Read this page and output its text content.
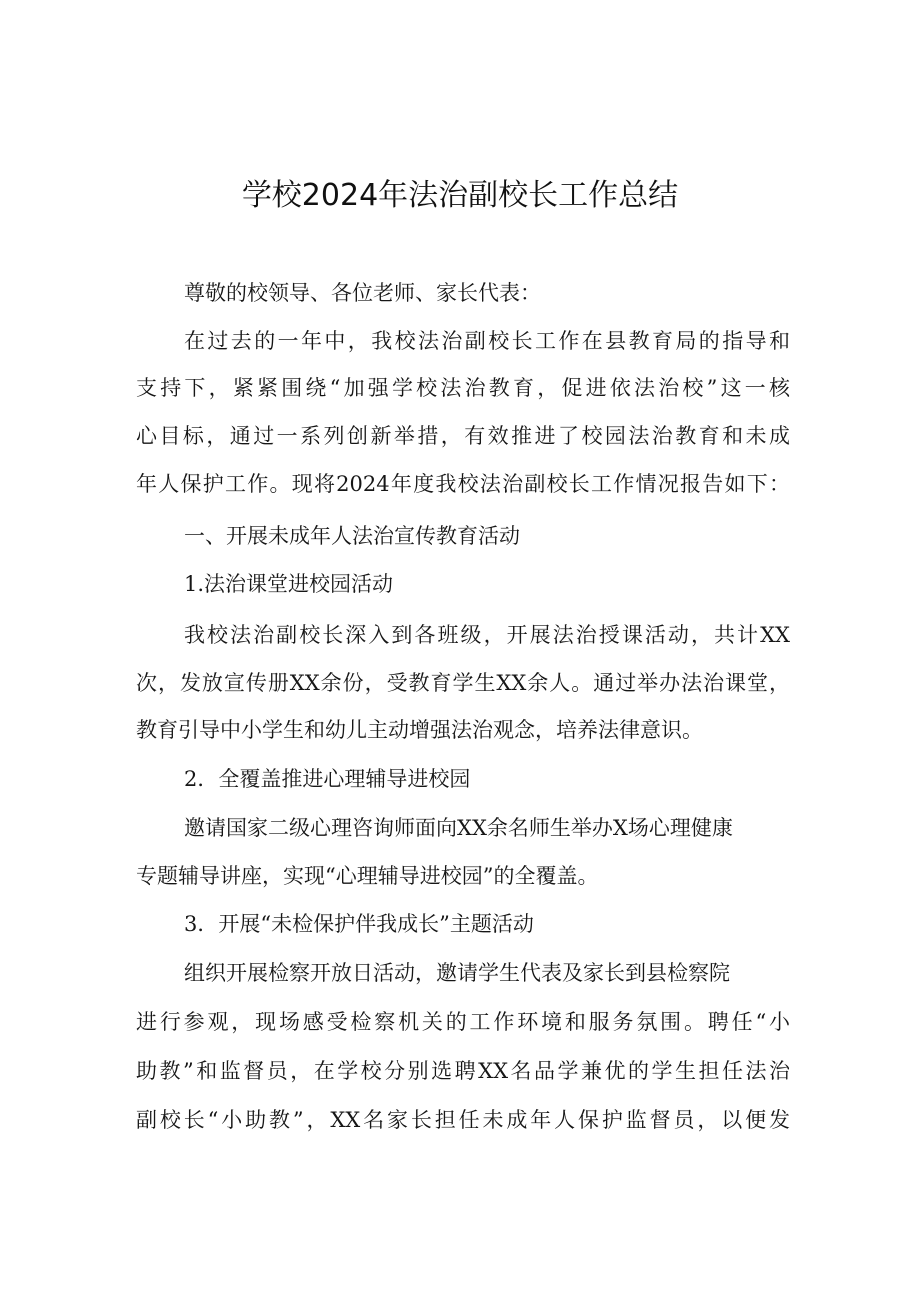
学校2024年法治副校长工作总结
尊敬的校领导、各位老师、家长代表：
在过去的一年中，我校法治副校长工作在县教育局的指导和
支持下，紧紧围绕“加强学校法治教育，促进依法治校”这一核
心目标，通过一系列创新举措，有效推进了校园法治教育和未成
年人保护工作。现将2024年度我校法治副校长工作情况报告如下：
一、开展未成年人法治宣传教育活动
1.法治课堂进校园活动
我校法治副校长深入到各班级，开展法治授课活动，共计XX
次，发放宣传册XX余份，受教育学生XX余人。通过举办法治课堂，
教育引导中小学生和幼儿主动增强法治观念，培养法律意识。
2．全覆盖推进心理辅导进校园
邀请国家二级心理咨询师面向XX余名师生举办X场心理健康
专题辅导讲座，实现“心理辅导进校园”的全覆盖。
3．开展“未检保护伴我成长”主题活动
组织开展检察开放日活动，邀请学生代表及家长到县检察院
进行参观，现场感受检察机关的工作环境和服务氛围。聘任“小
助教”和监督员，在学校分别选聘XX名品学兼优的学生担任法治
副校长“小助教”，XX名家长担任未成年人保护监督员，以便发
